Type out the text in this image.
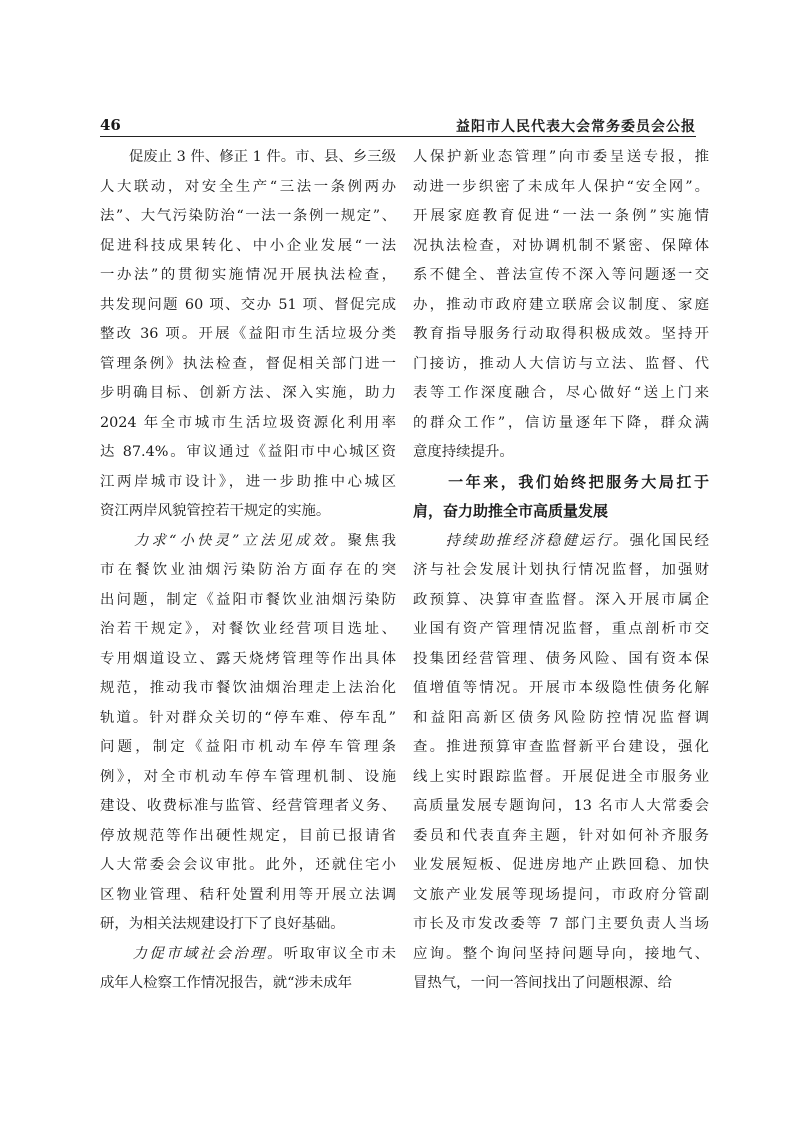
46	益阳市人民代表大会常务委员会公报

　　促废止 3 件、修正 1 件。市、县、乡三级
人大联动，对安全生产“三法一条例两办
法”、大气污染防治“一法一条例一规定”、
促进科技成果转化、中小企业发展“一法
一办法”的贯彻实施情况开展执法检查，
共发现问题 60 项、交办 51 项、督促完成
整改 36 项。开展《益阳市生活垃圾分类
管理条例》执法检查，督促相关部门进一
步明确目标、创新方法、深入实施，助力
2024 年全市城市生活垃圾资源化利用率
达 87.4%。审议通过《益阳市中心城区资
江两岸城市设计》，进一步助推中心城区
资江两岸风貌管控若干规定的实施。

　　力求“小快灵”立法见成效。聚焦我
市在餐饮业油烟污染防治方面存在的突
出问题，制定《益阳市餐饮业油烟污染防
治若干规定》，对餐饮业经营项目选址、
专用烟道设立、露天烧烤管理等作出具体
规范，推动我市餐饮油烟治理走上法治化
轨道。针对群众关切的“停车难、停车乱”
问题，制定《益阳市机动车停车管理条
例》，对全市机动车停车管理机制、设施
建设、收费标准与监管、经营管理者义务、
停放规范等作出硬性规定，目前已报请省
人大常委会会议审批。此外，还就住宅小
区物业管理、秸秆处置利用等开展立法调
研，为相关法规建设打下了良好基础。

　　力促市域社会治理。听取审议全市未
成年人检察工作情况报告，就“涉未成年

人保护新业态管理”向市委呈送专报，推
动进一步织密了未成年人保护“安全网”。
开展家庭教育促进“一法一条例”实施情
况执法检查，对协调机制不紧密、保障体
系不健全、普法宣传不深入等问题逐一交
办，推动市政府建立联席会议制度、家庭
教育指导服务行动取得积极成效。坚持开
门接访，推动人大信访与立法、监督、代
表等工作深度融合，尽心做好“送上门来
的群众工作”，信访量逐年下降，群众满
意度持续提升。

　　一年来，我们始终把服务大局扛于
肩，奋力助推全市高质量发展

　　持续助推经济稳健运行。强化国民经
济与社会发展计划执行情况监督，加强财
政预算、决算审查监督。深入开展市属企
业国有资产管理情况监督，重点剖析市交
投集团经营管理、债务风险、国有资本保
值增值等情况。开展市本级隐性债务化解
和益阳高新区债务风险防控情况监督调
查。推进预算审查监督新平台建设，强化
线上实时跟踪监督。开展促进全市服务业
高质量发展专题询问，13 名市人大常委会
委员和代表直奔主题，针对如何补齐服务
业发展短板、促进房地产止跌回稳、加快
文旅产业发展等现场提问，市政府分管副
市长及市发改委等 7 部门主要负责人当场
应询。整个询问坚持问题导向，接地气、
冒热气，一问一答间找出了问题根源、给
